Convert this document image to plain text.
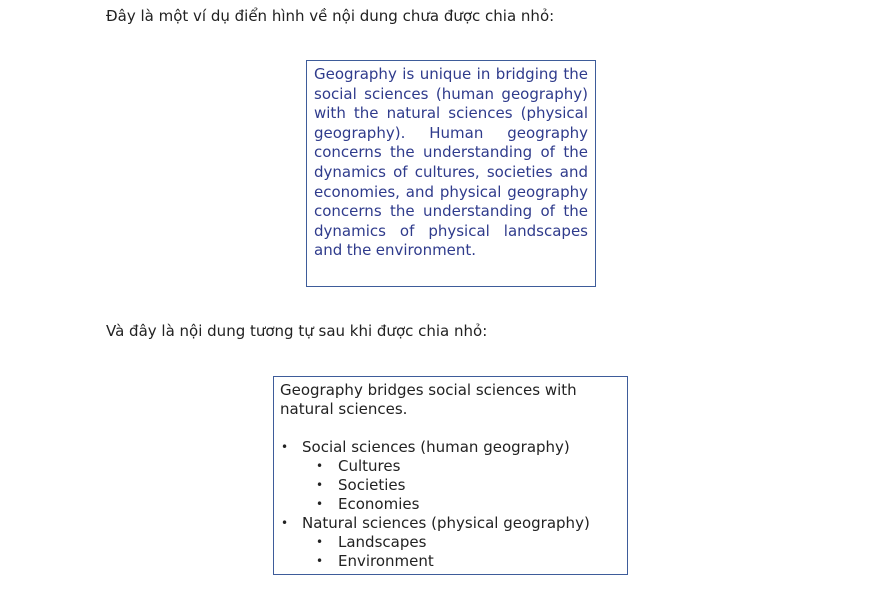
Đây là một ví dụ điển hình về nội dung chưa được chia nhỏ:

Geography is unique in bridging the social sciences (human geography) with the natural sciences (physical geography). Human geography concerns the understanding of the dynamics of cultures, societies and economies, and physical geography concerns the understanding of the dynamics of physical landscapes and the environment.

Và đây là nội dung tương tự sau khi được chia nhỏ:

Geography bridges social sciences with natural sciences.

• Social sciences (human geography)
• Cultures
• Societies
• Economies
• Natural sciences (physical geography)
• Landscapes
• Environment
